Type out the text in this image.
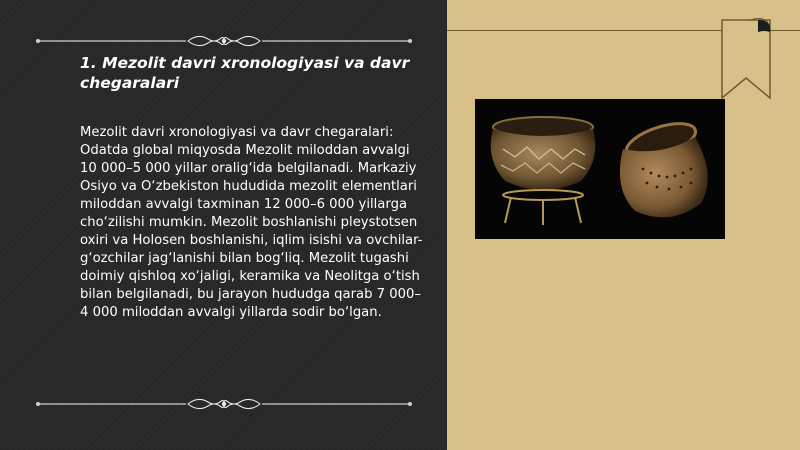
1. Mezolit davri xronologiyasi va davr chegaralari

Mezolit davri xronologiyasi va davr chegaralari: Odatda global miqyosda Mezolit miloddan avvalgi 10 000–5 000 yillar oralig‘ida belgilanadi. Markaziy Osiyo va O‘zbekiston hududida mezolit elementlari miloddan avvalgi taxminan 12 000–6 000 yillarga cho‘zilishi mumkin. Mezolit boshlanishi pleystotsen oxiri va Holosen boshlanishi, iqlim isishi va ovchilar-g‘ozchilar jag‘lanishi bilan bog‘liq. Mezolit tugashi doimiy qishloq xo‘jaligi, keramika va Neolitga o‘tish bilan belgilanadi, bu jarayon hududga qarab 7 000–4 000 miloddan avvalgi yillarda sodir bo‘lgan.
